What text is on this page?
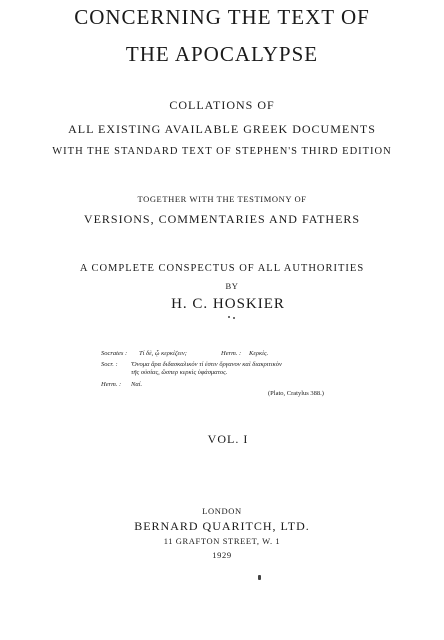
CONCERNING THE TEXT OF
THE APOCALYPSE
COLLATIONS OF
ALL EXISTING AVAILABLE GREEK DOCUMENTS
WITH THE STANDARD TEXT OF STEPHEN'S THIRD EDITION
TOGETHER WITH THE TESTIMONY OF
VERSIONS, COMMENTARIES AND FATHERS
A COMPLETE CONSPECTUS OF ALL AUTHORITIES
BY
H. C. HOSKIER
Socrates : Τί δὲ, ᾧ κερκίζειν;	Herm. : Κερκίς.
Socr. : Ὄνομα ἄρα διδασκαλικόν τί ἐστιν ὄργανον καὶ διακριτικὸν
τῆς οὐσίας, ὥσπερ κερκὶς ὑφάσματος.
Herm. : Ναί.
(Plato, Cratylus 388.)
VOL. I
LONDON
BERNARD QUARITCH, LTD.
11 GRAFTON STREET, W. 1
1929
